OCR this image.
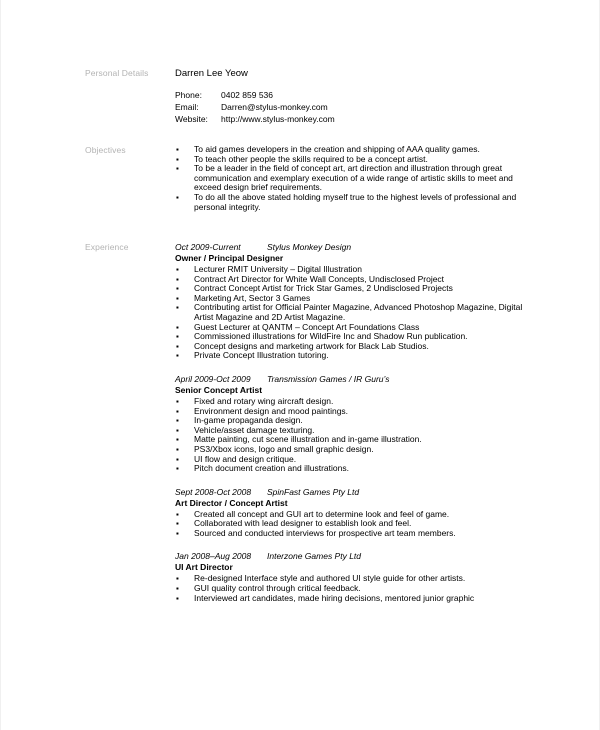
Personal Details	Darren Lee Yeow

Phone: 0402 859 536
Email:	Darren@stylus-monkey.com
Website: http://www.stylus-monkey.com
Objectives
▪	To aid games developers in the creation and shipping of AAA quality games.
▪ To teach other people the skills required to be a concept artist.
▪ To be a leader in the field of concept art, art direction and illustration through great communication and exemplary execution of a wide range of artistic skills to meet and exceed design brief requirements.
▪ To do all the above stated holding myself true to the highest levels of professional and personal integrity.
Experience	Oct 2009-Current	Stylus Monkey Design
Owner / Principal Designer
▪ Lecturer RMIT University – Digital Illustration
▪ Contract Art Director for White Wall Concepts, Undisclosed Project
▪ Contract Concept Artist for Trick Star Games, 2 Undisclosed Projects
▪ Marketing Art, Sector 3 Games
▪ Contributing artist for Official Painter Magazine, Advanced Photoshop Magazine, Digital Artist Magazine and 2D Artist Magazine.
▪ Guest Lecturer at QANTM – Concept Art Foundations Class
▪ Commissioned illustrations for WildFire Inc and Shadow Run publication.
▪ Concept designs and marketing artwork for Black Lab Studios.
▪ Private Concept Illustration tutoring.
April 2009-Oct 2009 Transmission Games / IR Guru’s
Senior Concept Artist
▪ Fixed and rotary wing aircraft design.
▪ Environment design and mood paintings.
▪ In-game propaganda design.
▪ Vehicle/asset damage texturing.
▪ Matte painting, cut scene illustration and in-game illustration.
▪ PS3/Xbox icons, logo and small graphic design.
▪ UI flow and design critique.
▪ Pitch document creation and illustrations.
Sept 2008-Oct 2008 SpinFast Games Pty Ltd
Art Director / Concept Artist
▪ Created all concept and GUI art to determine look and feel of game.
▪ Collaborated with lead designer to establish look and feel.
▪ Sourced and conducted interviews for prospective art team members.
Jan 2008–Aug 2008 Interzone Games Pty Ltd
UI Art Director
▪ Re-designed Interface style and authored UI style guide for other artists.
▪ GUI quality control through critical feedback.
▪ Interviewed art candidates, made hiring decisions, mentored junior graphic
